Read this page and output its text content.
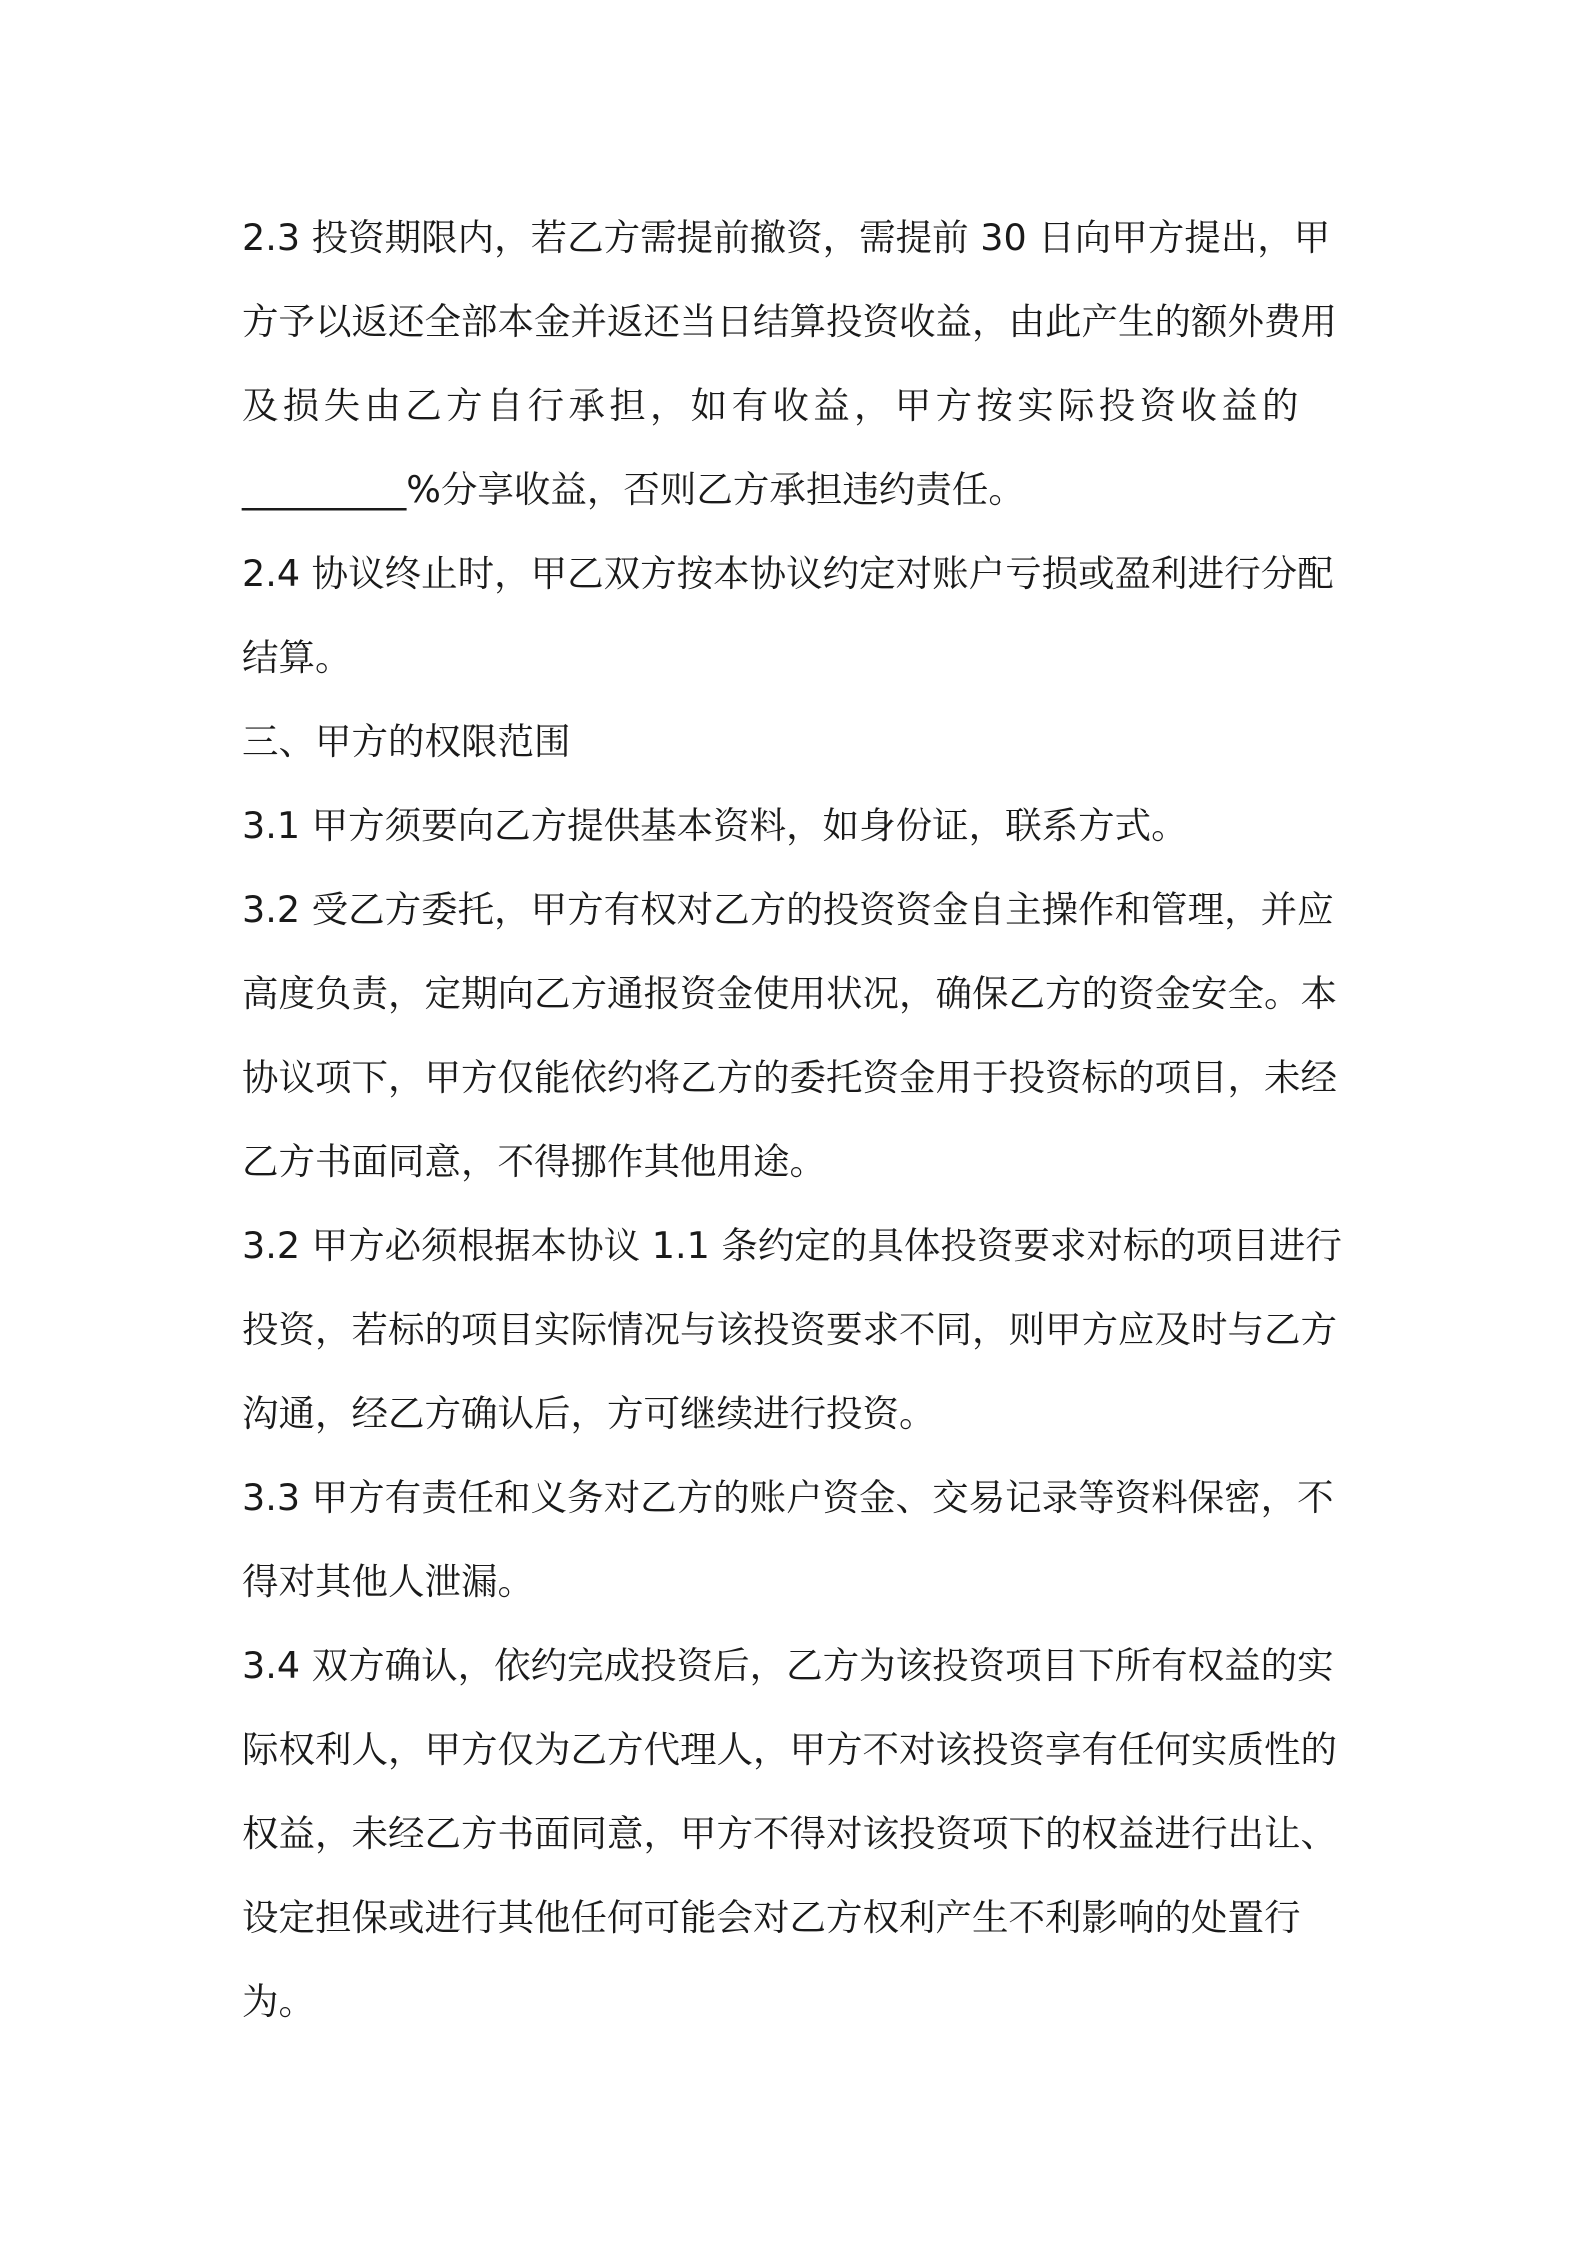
2.3 投资期限内，若乙方需提前撤资，需提前 30 日向甲方提出，甲
方予以返还全部本金并返还当日结算投资收益，由此产生的额外费用
及损失由乙方自行承担，如有收益，甲方按实际投资收益的
_________%分享收益，否则乙方承担违约责任。
2.4 协议终止时，甲乙双方按本协议约定对账户亏损或盈利进行分配
结算。
三、甲方的权限范围
3.1 甲方须要向乙方提供基本资料，如身份证，联系方式。
3.2 受乙方委托，甲方有权对乙方的投资资金自主操作和管理，并应
高度负责，定期向乙方通报资金使用状况，确保乙方的资金安全。本
协议项下，甲方仅能依约将乙方的委托资金用于投资标的项目，未经
乙方书面同意，不得挪作其他用途。
3.2 甲方必须根据本协议 1.1 条约定的具体投资要求对标的项目进行
投资，若标的项目实际情况与该投资要求不同，则甲方应及时与乙方
沟通，经乙方确认后，方可继续进行投资。
3.3 甲方有责任和义务对乙方的账户资金、交易记录等资料保密，不
得对其他人泄漏。
3.4 双方确认，依约完成投资后，乙方为该投资项目下所有权益的实
际权利人，甲方仅为乙方代理人，甲方不对该投资享有任何实质性的
权益，未经乙方书面同意，甲方不得对该投资项下的权益进行出让、
设定担保或进行其他任何可能会对乙方权利产生不利影响的处置行
为。
